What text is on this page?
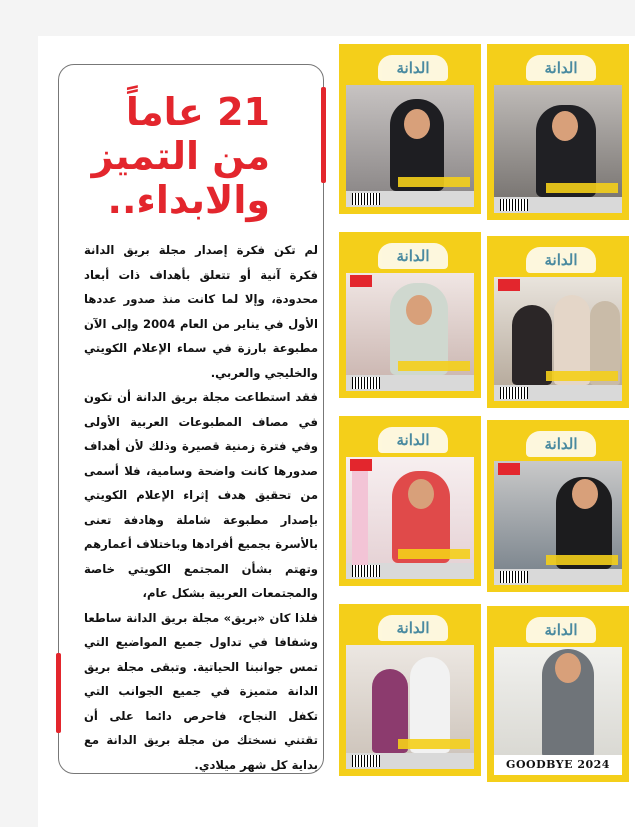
21 عاماً
من التميز
والابداء..

لم تكن فكرة إصدار مجلة بريق الدانة فكرة آنية أو تتعلق بأهداف ذات أبعاد محدودة، وإلا لما كانت منذ صدور عددها الأول في يناير من العام 2004 وإلى الآن مطبوعة بارزة في سماء الإعلام الكويتي والخليجي والعربي.

فقد استطاعت مجلة بريق الدانة أن تكون في مصاف المطبوعات العربية الأولى وفي فترة زمنية قصيرة وذلك لأن أهداف صدورها كانت واضحة وسامية، فلا أسمى من تحقيق هدف إثراء الإعلام الكويتي بإصدار مطبوعة شاملة وهادفة تعنى بالأسرة بجميع أفرادها وباختلاف أعمارهم وتهتم بشأن المجتمع الكويتي خاصة والمجتمعات العربية بشكل عام،

فلذا كان «بريق» مجلة بريق الدانة ساطعا وشفافا في تداول جميع المواضيع التي تمس جوانبنا الحياتية. وتبقى مجلة بريق الدانة متميزة في جميع الجوانب التي تكفل النجاح، فاحرص دائما على أن تقتني نسختك من مجلة بريق الدانة مع بداية كل شهر ميلادي.

الدانة	الدانة
الدانة	الدانة
الدانة	الدانة
الدانة	الدانة
GOODBYE 2024
